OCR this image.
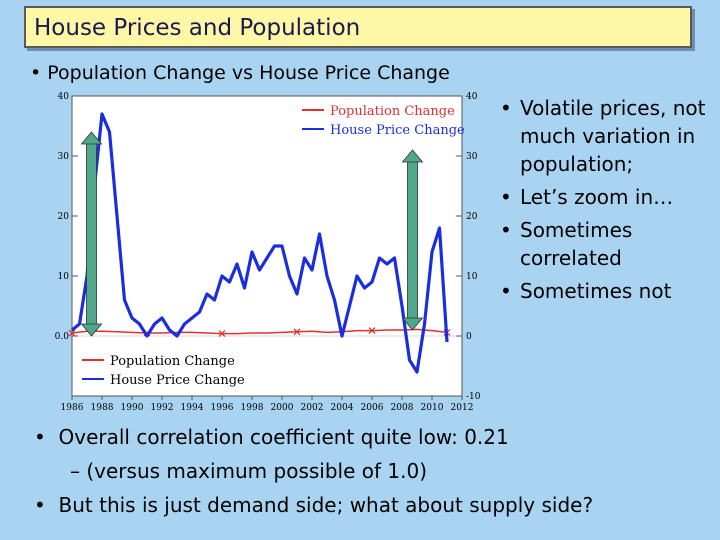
House Prices and Population
• Population Change vs House Price Change
1986 1988 1990 1992 1994 1996 1998 2000 2002 2004 2006 2008 2010 2012
40
30
20
10
0
-10
40
30
20
10
0.0
Population Change
House Price Change
Population Change
House Price Change
• Volatile prices, not much variation in population;
• Let’s zoom in…
• Sometimes correlated
• Sometimes not
• Overall correlation coefficient quite low: 0.21
– (versus maximum possible of 1.0)
• But this is just demand side; what about supply side?
